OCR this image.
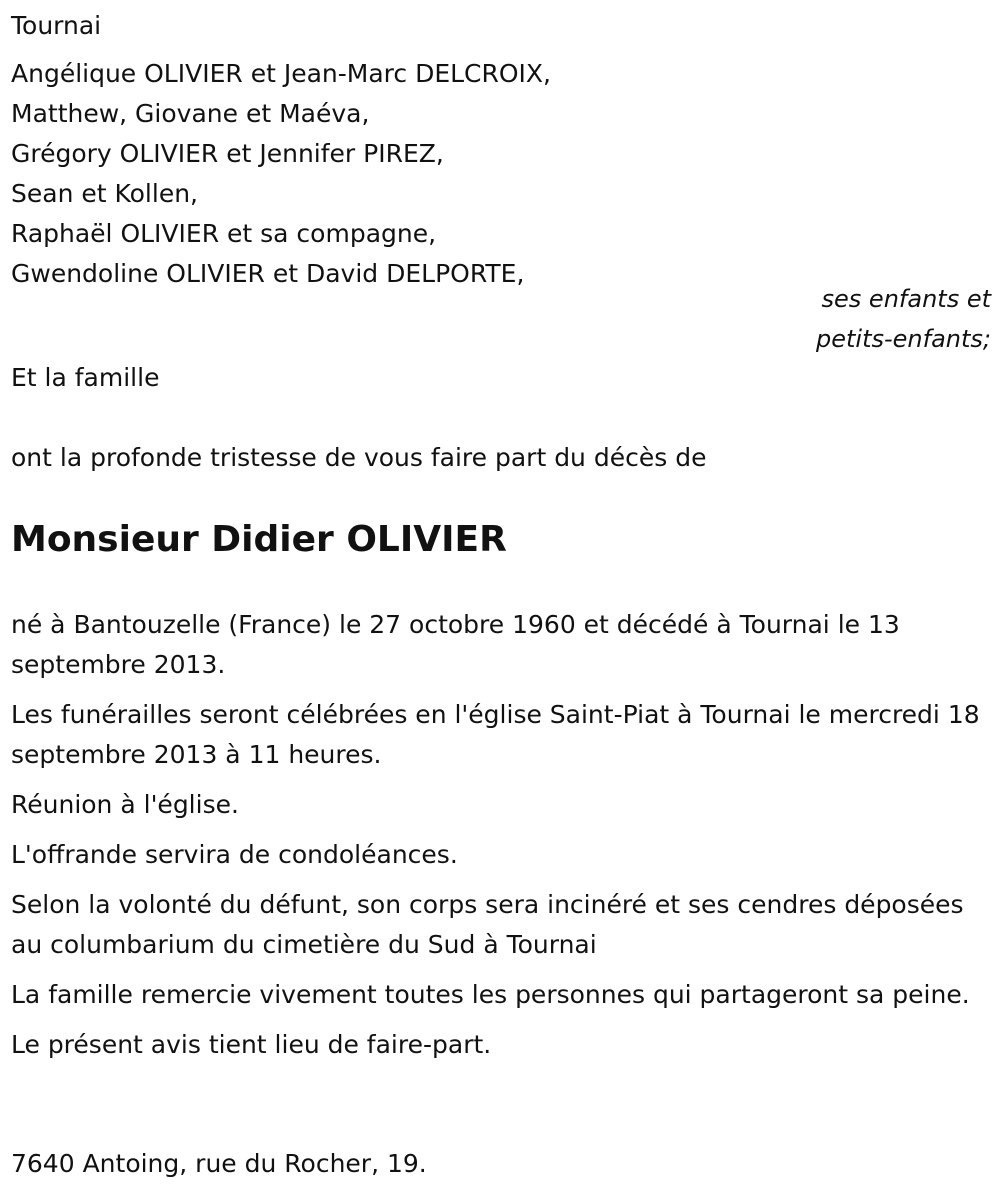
Tournai

Angélique OLIVIER et Jean-Marc DELCROIX,

Matthew, Giovane et Maéva,

Grégory OLIVIER et Jennifer PIREZ,

Sean et Kollen,

Raphaël OLIVIER et sa compagne,

Gwendoline OLIVIER et David DELPORTE,

ses enfants et
petits-enfants;

Et la famille

ont la profonde tristesse de vous faire part du décès de

Monsieur Didier OLIVIER

né à Bantouzelle (France) le 27 octobre 1960 et décédé à Tournai le 13 septembre 2013.

Les funérailles seront célébrées en l'église Saint-Piat à Tournai le mercredi 18 septembre 2013 à 11 heures.

Réunion à l'église.

L'offrande servira de condoléances.

Selon la volonté du défunt, son corps sera incinéré et ses cendres déposées au columbarium du cimetière du Sud à Tournai

La famille remercie vivement toutes les personnes qui partageront sa peine.

Le présent avis tient lieu de faire-part.

7640 Antoing, rue du Rocher, 19.
